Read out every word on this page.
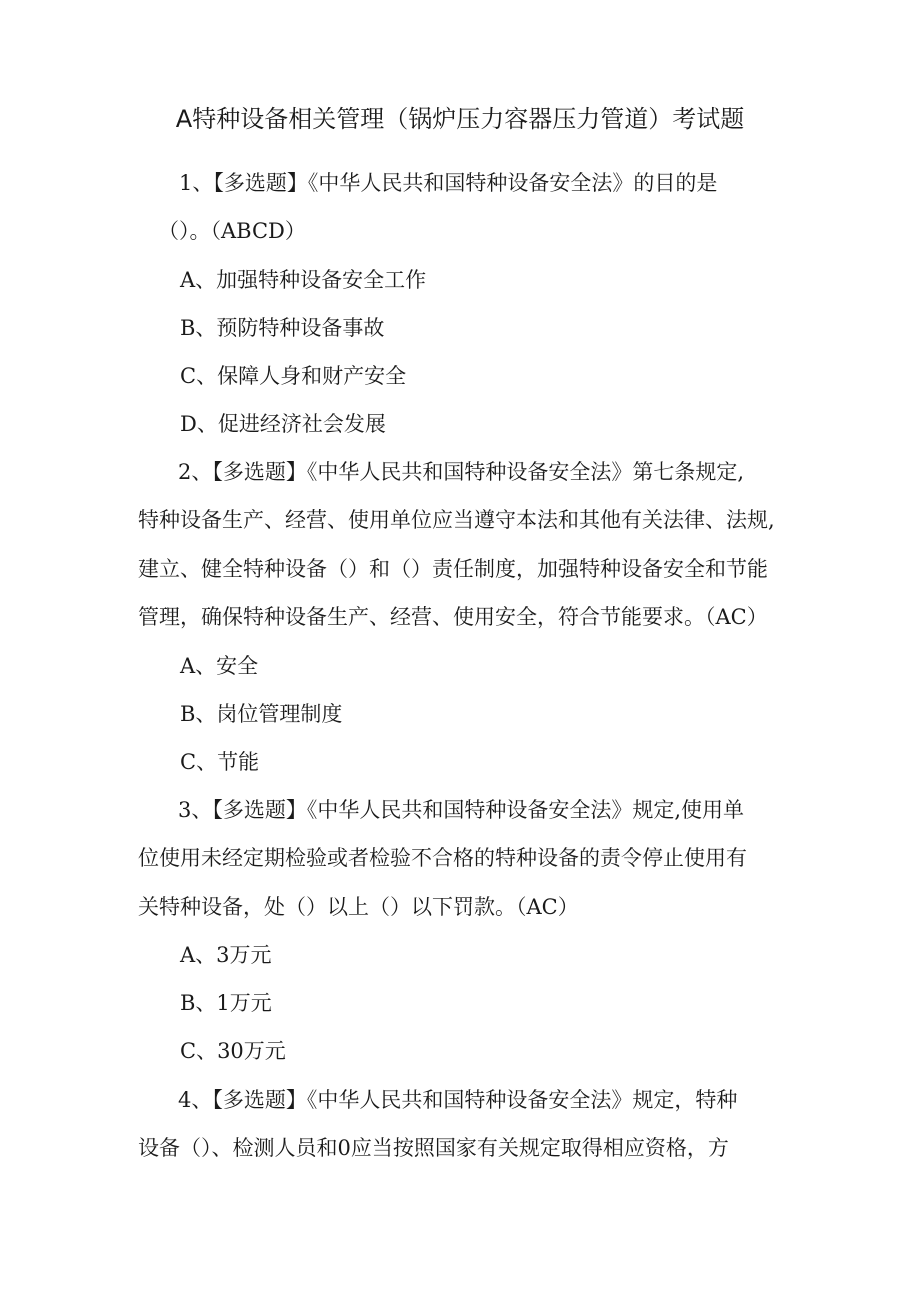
A特种设备相关管理（锅炉压力容器压力管道）考试题
1、【多选题】《中华人民共和国特种设备安全法》的目的是
（）。（ABCD）
A、加强特种设备安全工作
B、预防特种设备事故
C、保障人身和财产安全
D、促进经济社会发展
2、【多选题】《中华人民共和国特种设备安全法》第七条规定,
特种设备生产、经营、使用单位应当遵守本法和其他有关法律、法规,
建立、健全特种设备（）和（）责任制度，加强特种设备安全和节能
管理，确保特种设备生产、经营、使用安全，符合节能要求。（AC）
A、安全
B、岗位管理制度
C、节能
3、【多选题】《中华人民共和国特种设备安全法》规定,使用单
位使用未经定期检验或者检验不合格的特种设备的责令停止使用有
关特种设备，处（）以上（）以下罚款。（AC）
A、3万元
B、1万元
C、30万元
4、【多选题】《中华人民共和国特种设备安全法》规定，特种
设备（）、检测人员和0应当按照国家有关规定取得相应资格，方
